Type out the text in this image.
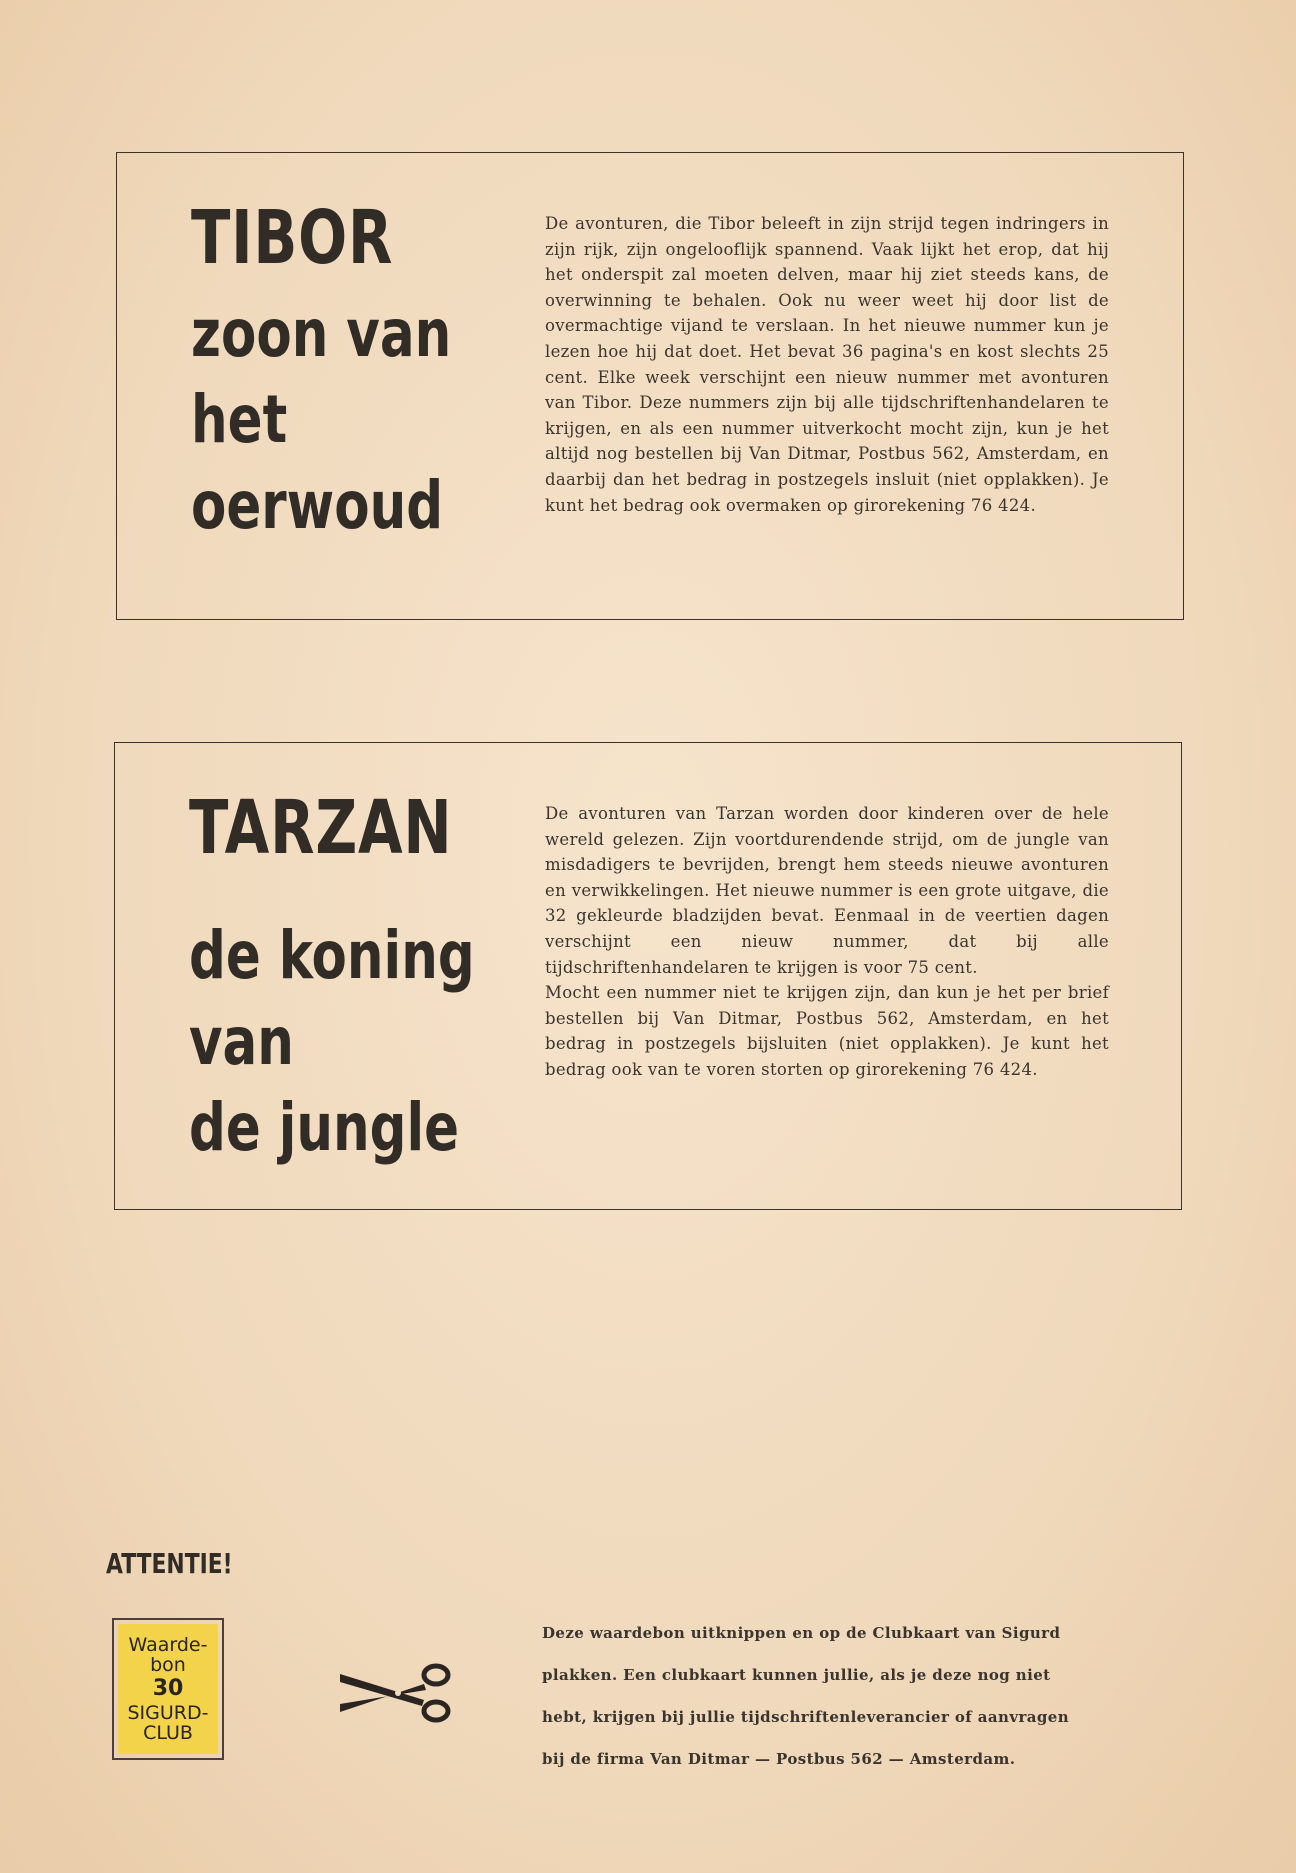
TIBOR
zoon van
het
oerwoud
De avonturen, die Tibor beleeft in zijn strijd tegen indringers in zijn rijk, zijn ongelooflijk spannend. Vaak lijkt het erop, dat hij het onderspit zal moeten delven, maar hij ziet steeds kans, de overwinning te behalen. Ook nu weer weet hij door list de overmachtige vijand te verslaan. In het nieuwe nummer kun je lezen hoe hij dat doet. Het bevat 36 pagina's en kost slechts 25 cent. Elke week verschijnt een nieuw nummer met avonturen van Tibor. Deze nummers zijn bij alle tijdschriftenhandelaren te krijgen, en als een nummer uitverkocht mocht zijn, kun je het altijd nog bestellen bij Van Ditmar, Postbus 562, Amsterdam, en daarbij dan het bedrag in postzegels insluit (niet opplakken). Je kunt het bedrag ook overmaken op girorekening 76 424.
TARZAN
de koning
van
de jungle
De avonturen van Tarzan worden door kinderen over de hele wereld gelezen. Zijn voortdurendende strijd, om de jungle van misdadigers te bevrijden, brengt hem steeds nieuwe avonturen en verwikkelingen. Het nieuwe nummer is een grote uitgave, die 32 gekleurde bladzijden bevat. Eenmaal in de veertien dagen verschijnt een nieuw nummer, dat bij alle tijdschriftenhandelaren te krijgen is voor 75 cent.
Mocht een nummer niet te krijgen zijn, dan kun je het per brief bestellen bij Van Ditmar, Postbus 562, Amsterdam, en het bedrag in postzegels bijsluiten (niet opplakken). Je kunt het bedrag ook van te voren storten op girorekening 76 424.
ATTENTIE!
Waarde-
bon
30
SIGURD-
CLUB
Deze waardebon uitknippen en op de Clubkaart van Sigurd
plakken. Een clubkaart kunnen jullie, als je deze nog niet
hebt, krijgen bij jullie tijdschriftenleverancier of aanvragen
bij de firma Van Ditmar — Postbus 562 — Amsterdam.
